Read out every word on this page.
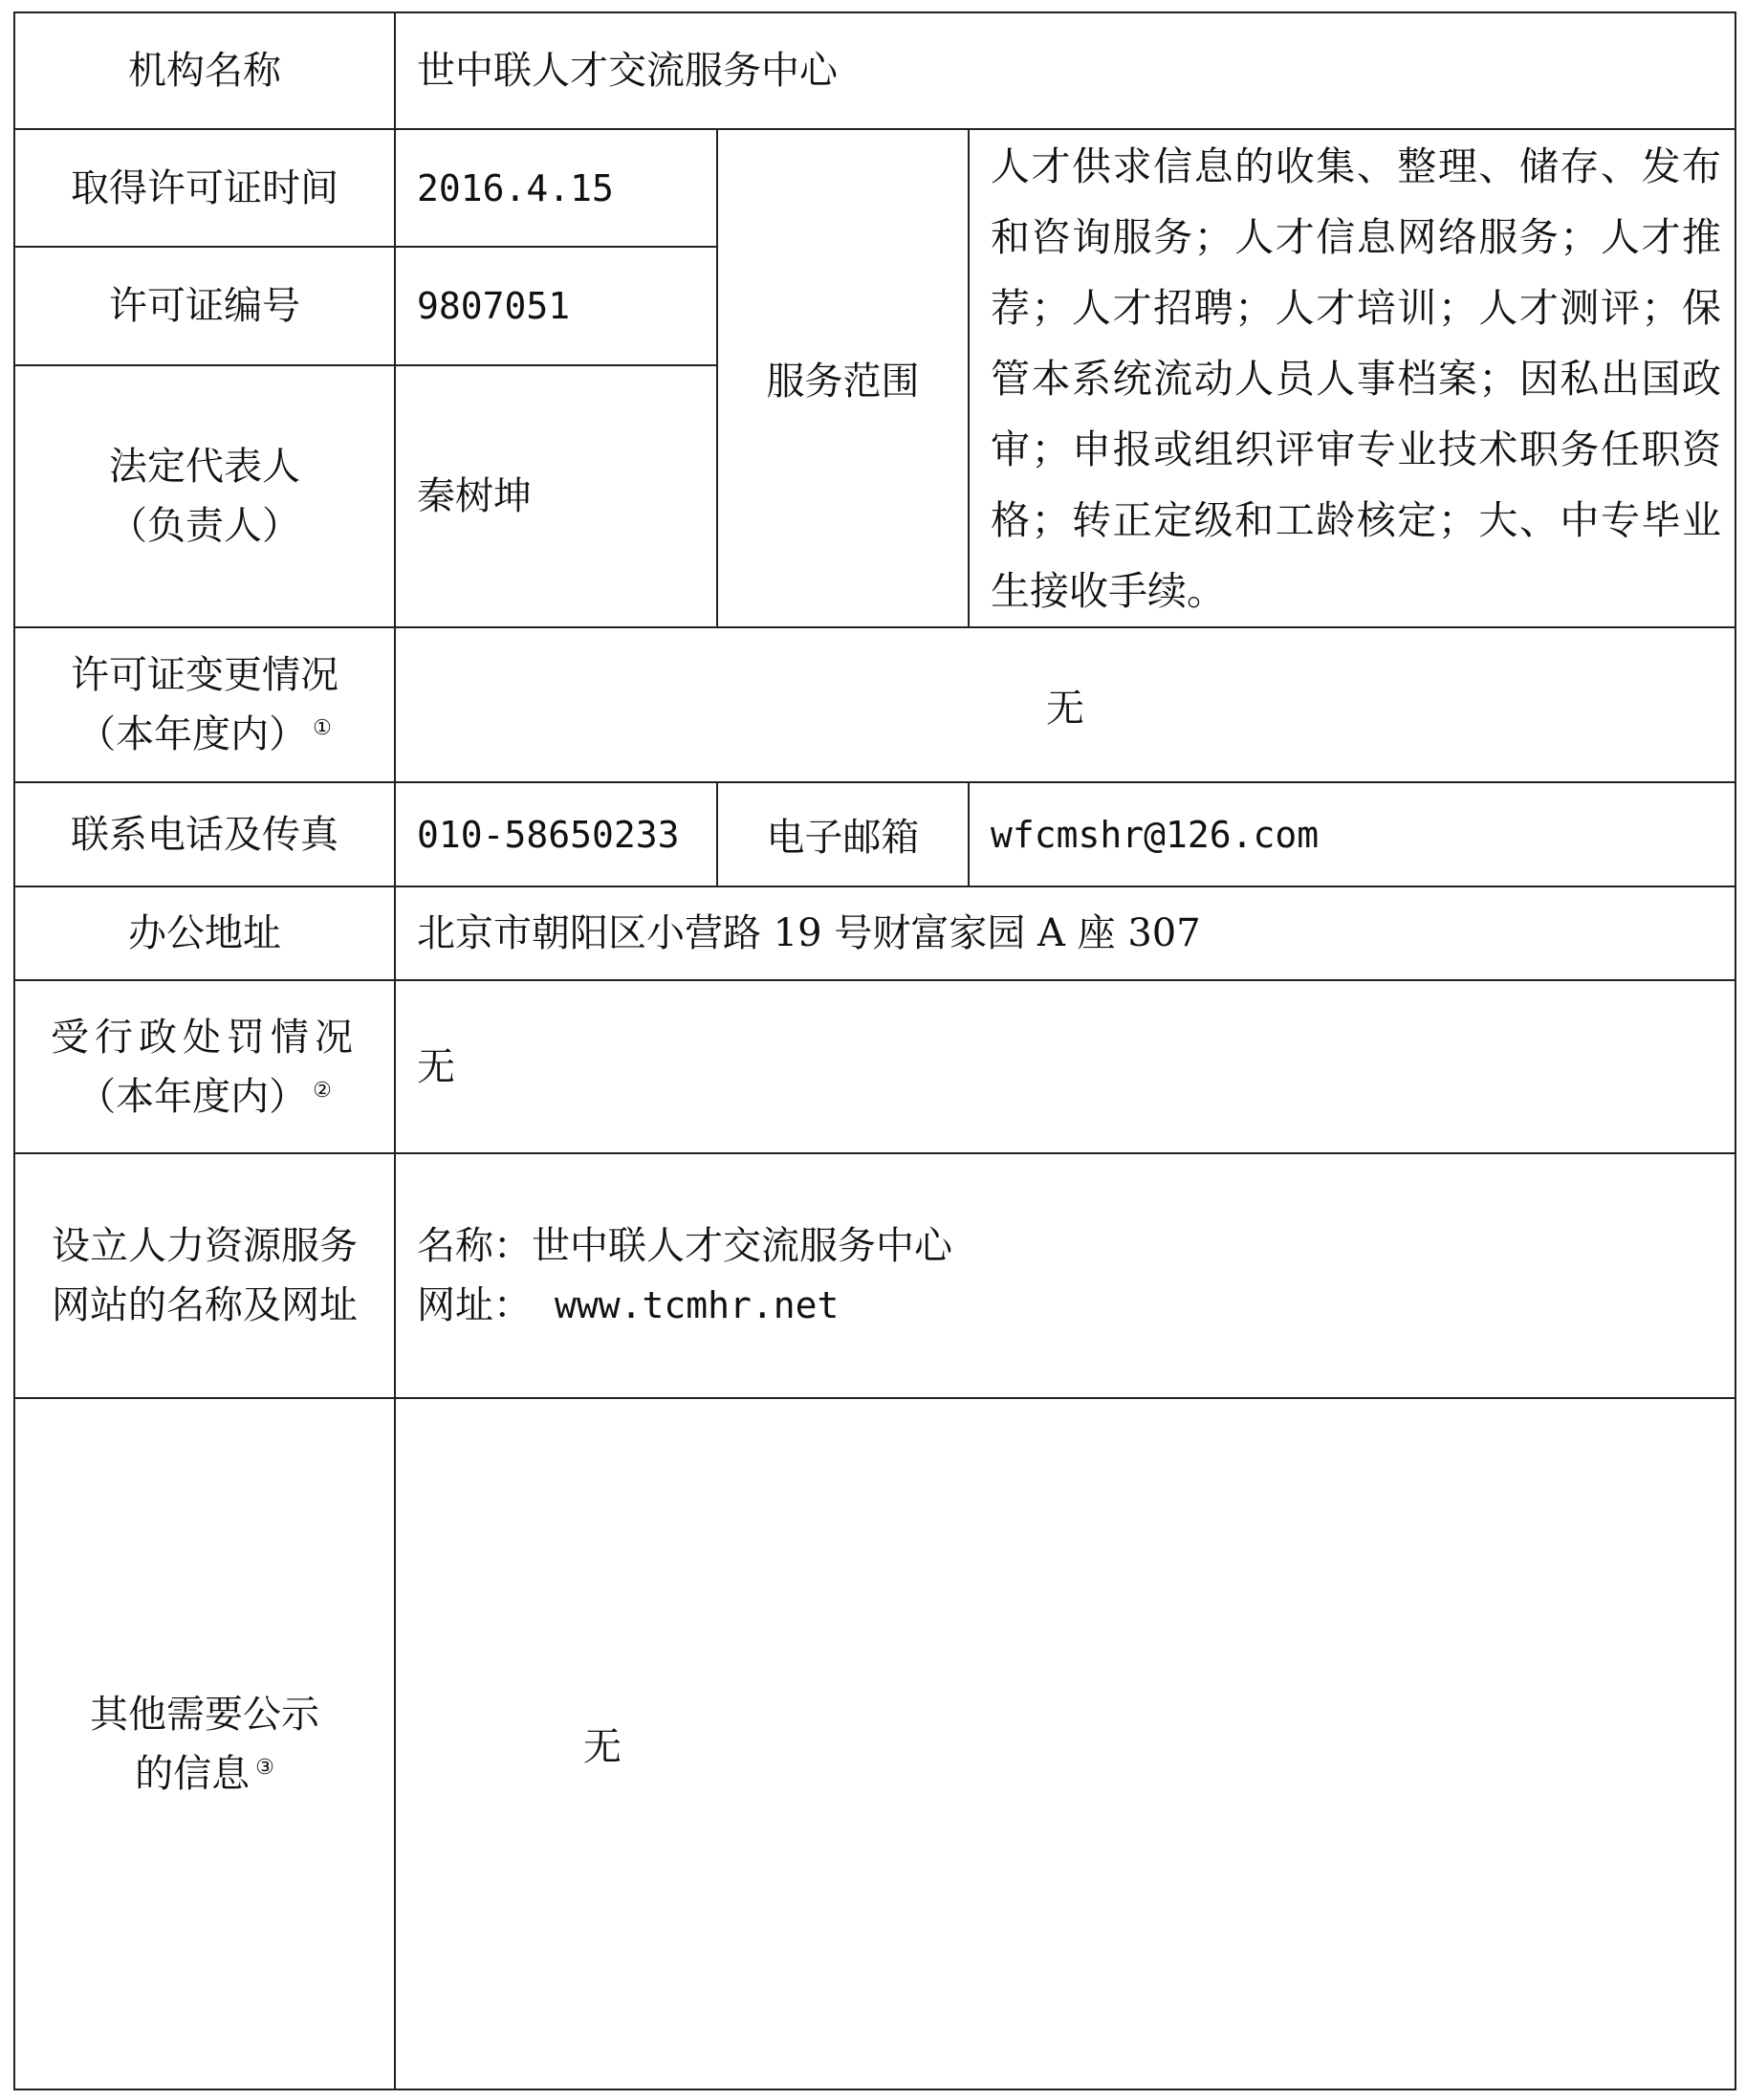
机构名称	世中联人才交流服务中心		
取得许可证时间	2016.4.15	服务范围	人才供求信息的收集、整理、储存、发布和咨询服务；人才信息网络服务；人才推荐；人才招聘；人才培训；人才测评；保管本系统流动人员人事档案；因私出国政审；申报或组织评审专业技术职务任职资格；转正定级和工龄核定；大、中专毕业生接收手续。
许可证编号	9807051		

法定代表人
（负责人）	秦树坤		

许可证变更情况
（本年度内） ①	无		
联系电话及传真	010-58650233	电子邮箱	wfcmshr@126.com
办公地址	北京市朝阳区小营路 19 号财富家园 A 座 307		

受行政处罚情况
（本年度内） ②	无		

设立人力资源服务
网站的名称及网址	名称：世中联人才交流服务中心
网址： www.tcmhr.net		

其他需要公示
的信息 ③	无		
